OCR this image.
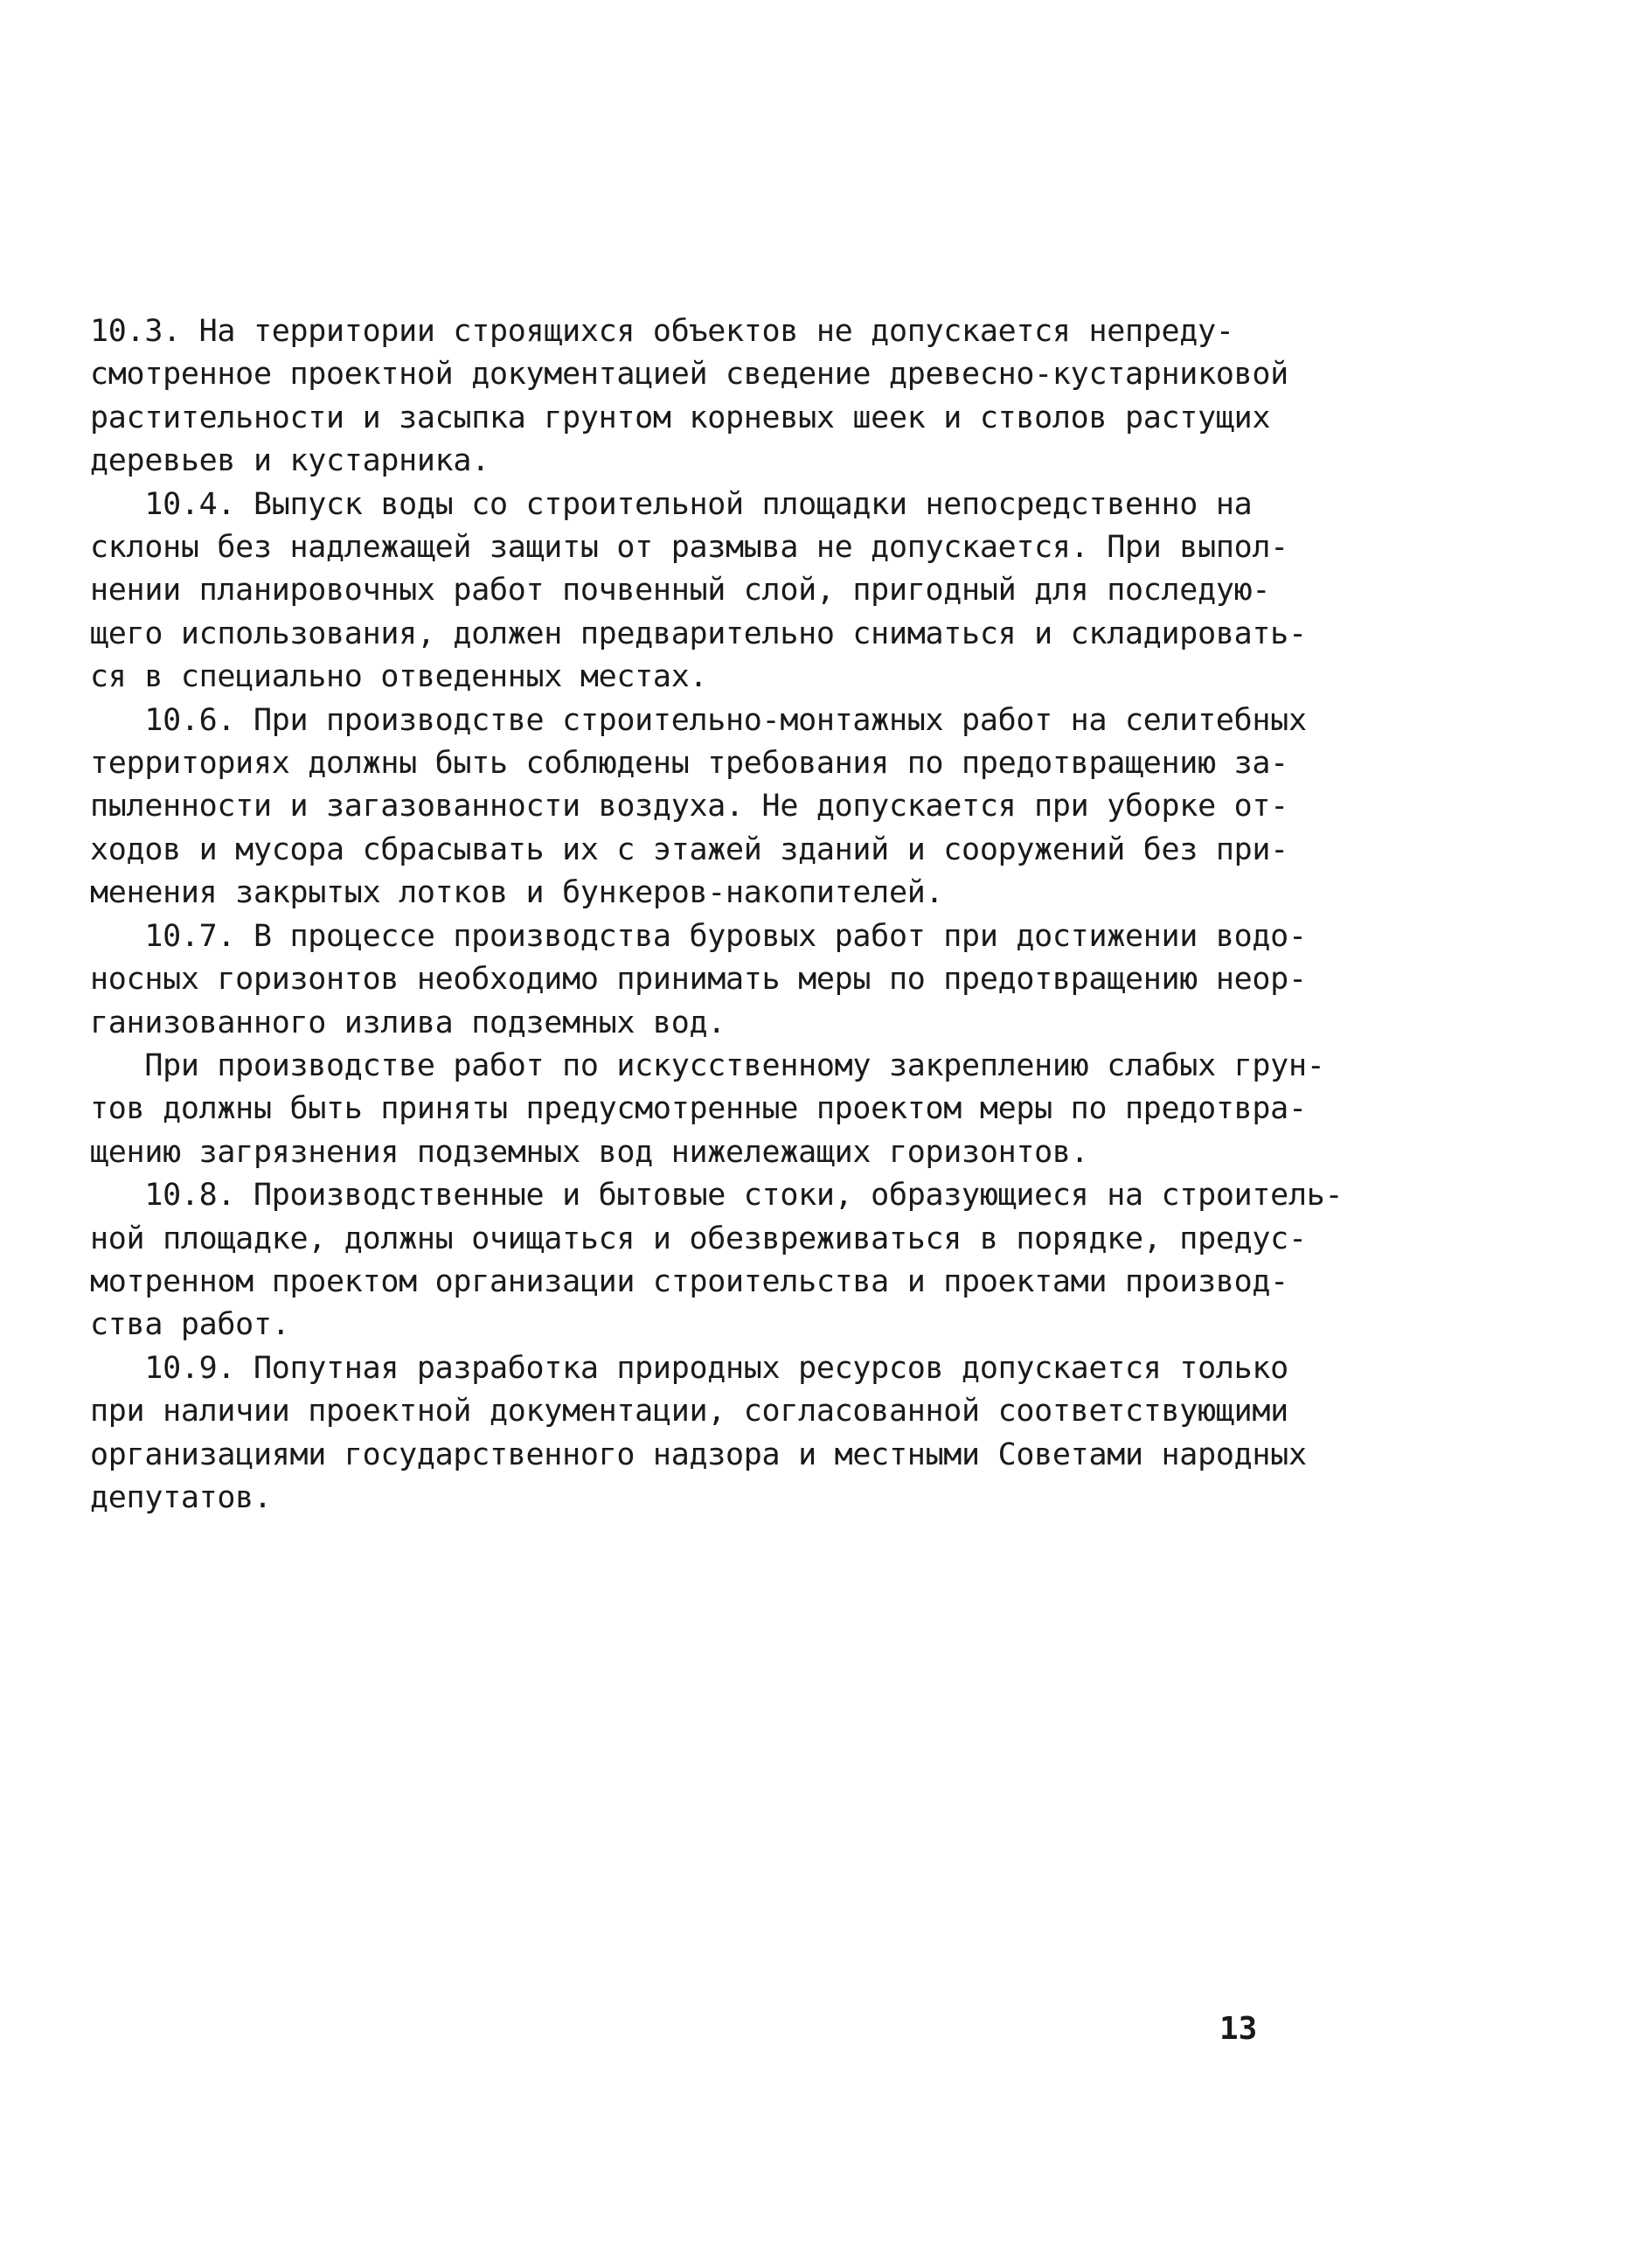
10.3. На территории строящихся объектов не допускается непреду-
смотренное проектной документацией сведение древесно-кустарниковой
растительности и засыпка грунтом корневых шеек и стволов растущих
деревьев и кустарника.
10.4. Выпуск воды со строительной площадки непосредственно на
склоны без надлежащей защиты от размыва не допускается. При выпол-
нении планировочных работ почвенный слой, пригодный для последую-
щего использования, должен предварительно сниматься и складировать-
ся в специально отведенных местах.
10.6. При производстве строительно-монтажных работ на селитебных
территориях должны быть соблюдены требования по предотвращению за-
пыленности и загазованности воздуха. Не допускается при уборке от-
ходов и мусора сбрасывать их с этажей зданий и сооружений без при-
менения закрытых лотков и бункеров-накопителей.
10.7. В процессе производства буровых работ при достижении водо-
носных горизонтов необходимо принимать меры по предотвращению неор-
ганизованного излива подземных вод.
При производстве работ по искусственному закреплению слабых грун-
тов должны быть приняты предусмотренные проектом меры по предотвра-
щению загрязнения подземных вод нижележащих горизонтов.
10.8. Производственные и бытовые стоки, образующиеся на строитель-
ной площадке, должны очищаться и обезвреживаться в порядке, предус-
мотренном проектом организации строительства и проектами производ-
ства работ.
10.9. Попутная разработка природных ресурсов допускается только
при наличии проектной документации, согласованной соответствующими
организациями государственного надзора и местными Советами народных
депутатов.
13
